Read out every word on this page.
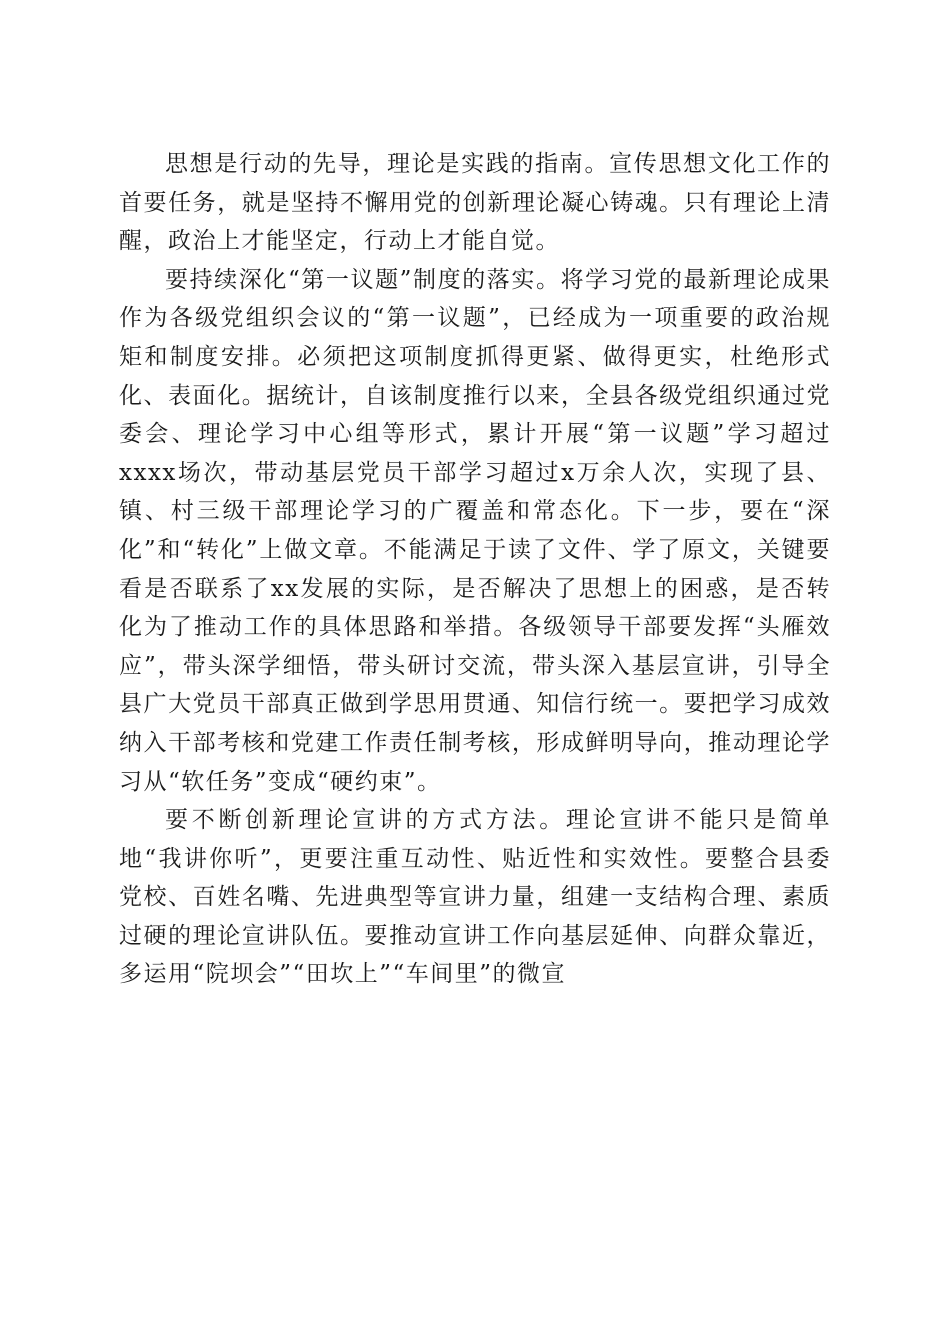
思想是行动的先导，理论是实践的指南。宣传思想文化工作的首要任务，就是坚持不懈用党的创新理论凝心铸魂。只有理论上清醒，政治上才能坚定，行动上才能自觉。

要持续深化“第一议题”制度的落实。将学习党的最新理论成果作为各级党组织会议的“第一议题”，已经成为一项重要的政治规矩和制度安排。必须把这项制度抓得更紧、做得更实，杜绝形式化、表面化。据统计，自该制度推行以来，全县各级党组织通过党委会、理论学习中心组等形式，累计开展“第一议题”学习超过xxxx场次，带动基层党员干部学习超过x万余人次，实现了县、镇、村三级干部理论学习的广覆盖和常态化。下一步，要在“深化”和“转化”上做文章。不能满足于读了文件、学了原文，关键要看是否联系了xx发展的实际，是否解决了思想上的困惑，是否转化为了推动工作的具体思路和举措。各级领导干部要发挥“头雁效应”，带头深学细悟，带头研讨交流，带头深入基层宣讲，引导全县广大党员干部真正做到学思用贯通、知信行统一。要把学习成效纳入干部考核和党建工作责任制考核，形成鲜明导向，推动理论学习从“软任务”变成“硬约束”。

要不断创新理论宣讲的方式方法。理论宣讲不能只是简单地“我讲你听”，更要注重互动性、贴近性和实效性。要整合县委党校、百姓名嘴、先进典型等宣讲力量，组建一支结构合理、素质过硬的理论宣讲队伍。要推动宣讲工作向基层延伸、向群众靠近，多运用“院坝会”“田坎上”“车间里”的微宣
